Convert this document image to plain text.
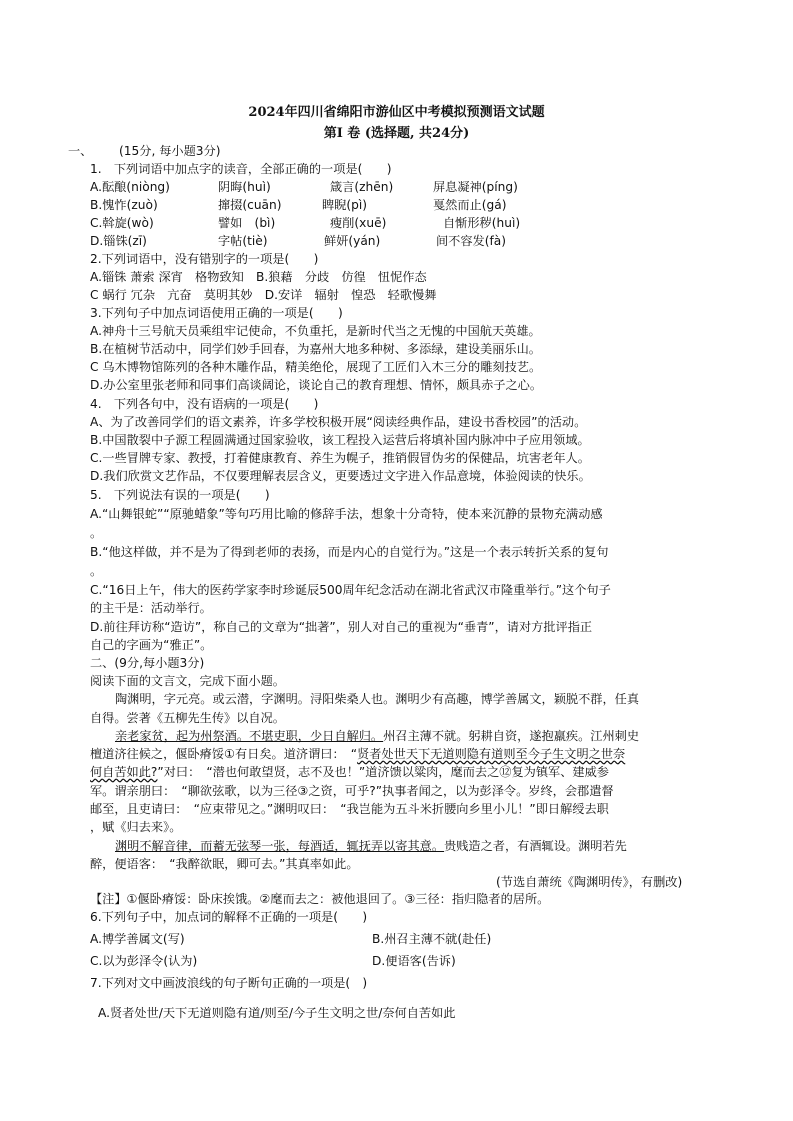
2024年四川省绵阳市游仙区中考模拟预测语文试题
第Ⅰ 卷 (选择题, 共24分)
一、 (15分, 每小题3分)
1.　下列词语中加点字的读音，全部正确的一项是(　　)
A.酝酿(niòng)	阴晦(huì)	箴言(zhēn)	屏息凝神(píng)
B.愧怍(zuò)	撺掇(cuān)	睥睨(pì)	戛然而止(gá)
C.斡旋(wò)	譬如　(bì)	瘦削(xuē)	自惭形秽(huì)
D.锱铢(zī)	字帖(tiè)	鲜妍(yán)	间不容发(fà)
2.下列词语中，没有错别字的一项是(　　)
A.锱铢 萧索 深宵　格物致知　B.狼藉　分歧　仿徨　忸怩作态
C 蜗行 冗杂　亢奋　莫明其妙　D.安详　辐射　惶恐　轻歌慢舞
3.下列句子中加点词语使用正确的一项是(　　)
A.神舟十三号航天员乘组牢记使命，不负重托，是新时代当之无愧的中国航天英雄。
B.在植树节活动中，同学们妙手回春，为嘉州大地多种树、多添绿，建设美丽乐山。
C 乌木博物馆陈列的各种木雕作品，精美绝伦，展现了工匠们入木三分的雕刻技艺。
D.办公室里张老师和同事们高谈阔论，谈论自己的教育理想、情怀，颇具赤子之心。
4.　下列各句中，没有语病的一项是(　　)
A、为了改善同学们的语文素养，许多学校积极开展“阅读经典作品，建设书香校园”的活动。
B.中国散裂中子源工程圆满通过国家验收，该工程投入运营后将填补国内脉冲中子应用领域。
C.一些冒牌专家、教授，打着健康教育、养生为幌子，推销假冒伪劣的保健品，坑害老年人。
D.我们欣赏文艺作品，不仅要理解表层含义，更要透过文字进入作品意境，体验阅读的快乐。
5.　下列说法有误的一项是(　　)
A.“山舞银蛇”“原驰蜡象”等句巧用比喻的修辞手法，想象十分奇特，使本来沉静的景物充满动感
。
B.“他这样做，并不是为了得到老师的表扬，而是内心的自觉行为。”这是一个表示转折关系的复句
。
C.“16日上午，伟大的医药学家李时珍诞辰500周年纪念活动在湖北省武汉市隆重举行。”这个句子
的主干是：活动举行。
D.前往拜访称“造访”，称自己的文章为“拙著”，别人对自己的重视为“垂青”，请对方批评指正
自己的字画为“雅正”。
二、(9分,每小题3分)
阅读下面的文言文，完成下面小题。
陶渊明，字元亮。或云潜，字渊明。浔阳柴桑人也。渊明少有高趣，博学善属文，颖脱不群，任真
自得。尝著《五柳先生传》以自况。
亲老家贫，起为州祭酒。不堪吏职，少日自解归。州召主薄不就。躬耕自资，遂抱羸疾。江州刺史
檀道济往候之，偃卧瘠馁①有日矣。道济谓曰：　“贤者处世天下无道则隐有道则至今子生文明之世奈
何自苦如此?”对曰：　“潜也何敢望贤，志不及也！”道济馈以粱肉，麾而去之⑫复为镇军、建威参
军。谓亲朋曰：　“聊欲弦歌，以为三径③之资，可乎?”执事者闻之，以为彭泽令。岁终，会郡遣督
邮至，且吏请曰：　“应束带见之。”渊明叹曰：　“我岂能为五斗米折腰向乡里小儿！”即日解绶去职
，赋《归去来》。
渊明不解音律，而蓄无弦琴一张，每酒适，辄抚弄以寄其意。贵贱造之者，有酒辄设。渊明若先
醉，便语客：　“我醉欲眠，卿可去。”其真率如此。
(节选自萧统《陶渊明传》，有删改)
【注】①偃卧瘠馁：卧床挨饿。②麾而去之：被他退回了。③三径：指归隐者的居所。
6.下列句子中，加点词的解释不正确的一项是(　　)
A.博学善属文(写)	B.州召主薄不就(赴任)
C.以为彭泽令(认为)	D.便语客(告诉)
7.下列对文中画波浪线的句子断句正确的一项是(　)
A.贤者处世/天下无道则隐有道/则至/今子生文明之世/奈何自苦如此
